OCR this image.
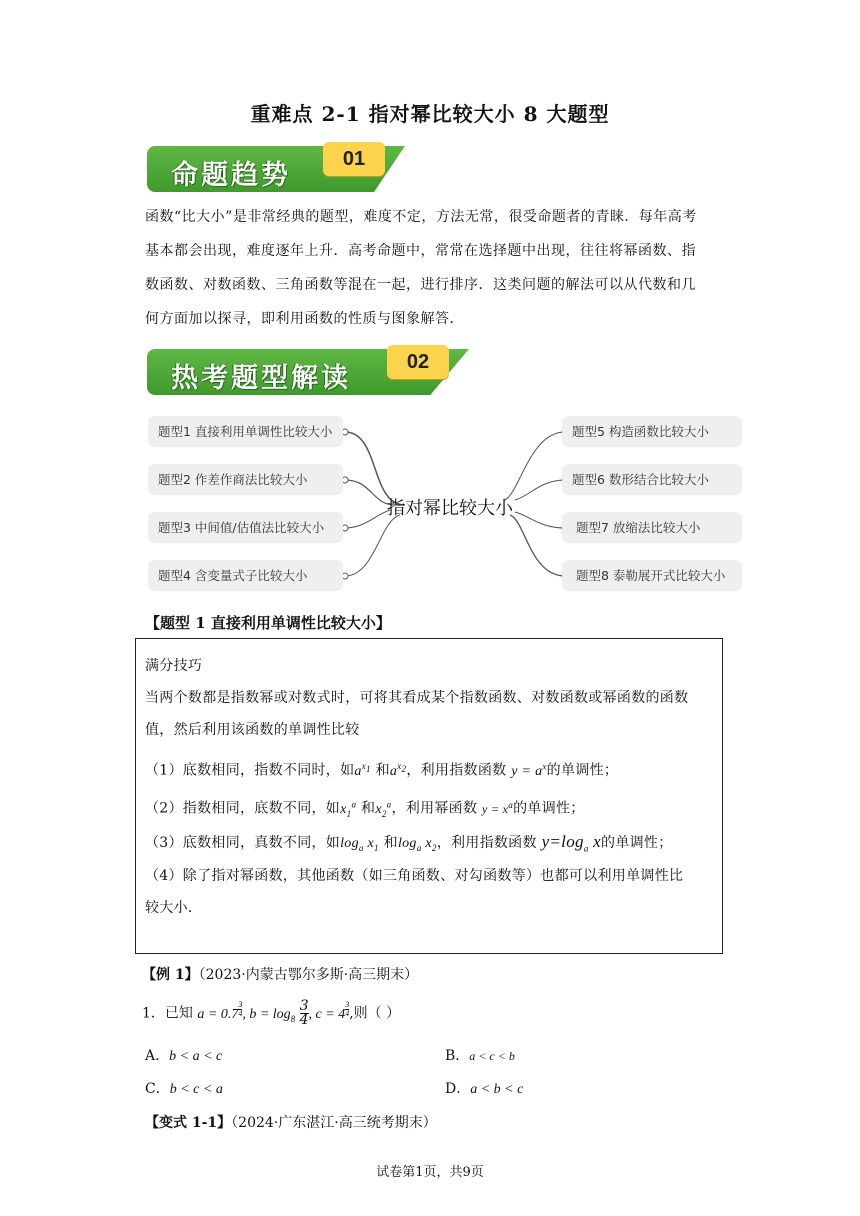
重难点 2-1 指对幂比较大小 8 大题型
命题趋势
01

函数“比大小”是非常经典的题型，难度不定，方法无常，很受命题者的青睐．每年高考

基本都会出现，难度逐年上升．高考命题中，常常在选择题中出现，往往将幂函数、指

数函数、对数函数、三角函数等混在一起，进行排序．这类问题的解法可以从代数和几

何方面加以探寻，即利用函数的性质与图象解答．

热考题型解读
02
题型1 直接利用单调性比较大小
题型2 作差作商法比较大小
题型3 中间值/估值法比较大小
题型4 含变量式子比较大小
题型5 构造函数比较大小
题型6 数形结合比较大小
题型7 放缩法比较大小
题型8 泰勒展开式比较大小
指对幂比较大小
【题型 1 直接利用单调性比较大小】
满分技巧
当两个数都是指数幂或对数式时，可将其看成某个指数函数、对数函数或幂函数的函数
值，然后利用该函数的单调性比较
（1）底数相同，指数不同时，如$a^{x_1}$ 和$a^{x_2}$，利用指数函数 $y = a^x$的单调性；
（2）指数相同，底数不同，如$x_1^a$ 和$x_2^a$，利用幂函数 $y = x^a$的单调性；
（3）底数相同，真数不同，如$\log_a x_1$ 和$\log_a x_2$，利用指数函数 $y=\log_a$ x的单调性；
（4）除了指对幂函数，其他函数（如三角函数、对勾函数等）也都可以利用单调性比
较大小．
【例 1】（2023·内蒙古鄂尔多斯·高三期末）
1．已知 a = 0.7 $^{\frac{3}{4}}$ , $b = \log_8 \frac{3}{4}$ , c = 4 $^{\frac{3}{4}}$ ,则（ ）
A．b < a < c	B．a < c < b
C．b < c < a	D．a < b < c
【变式 1-1】（2024·广东湛江·高三统考期末）
试卷第1页，共9页
